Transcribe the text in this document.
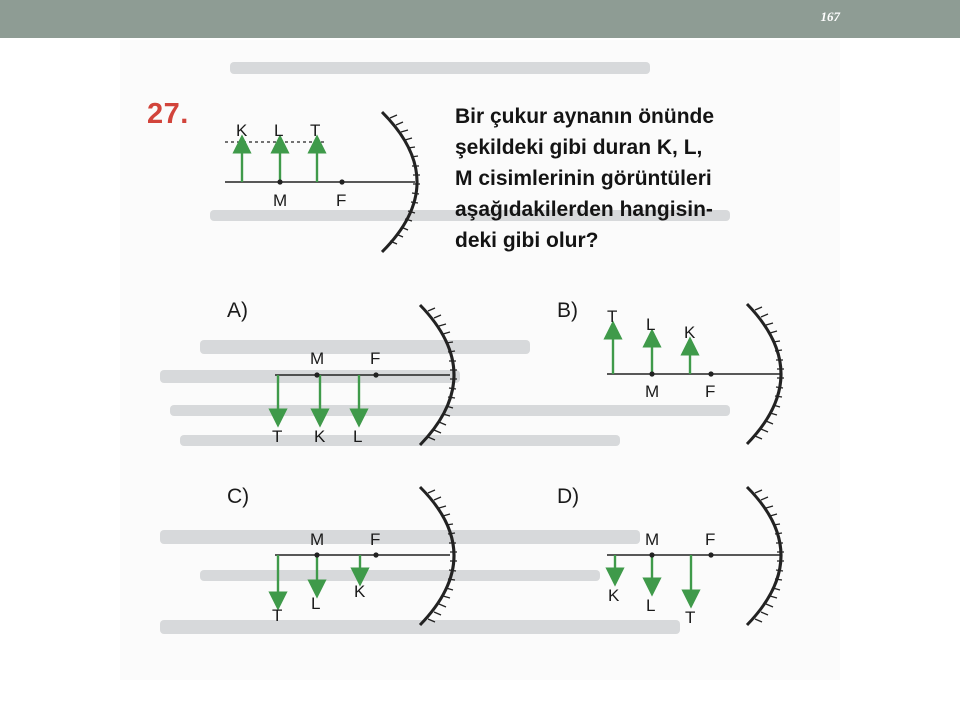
167
27.	Bir çukur aynanın önünde
şekildeki gibi duran K, L,
M cisimlerinin görüntüleri
aşağıdakilerden hangisin-
deki gibi olur?
K L T
M	F
A)
M	F
T K L
B) T L K
M	F
C)
M	F
T
L
K
D)
M	F
K
L
T
